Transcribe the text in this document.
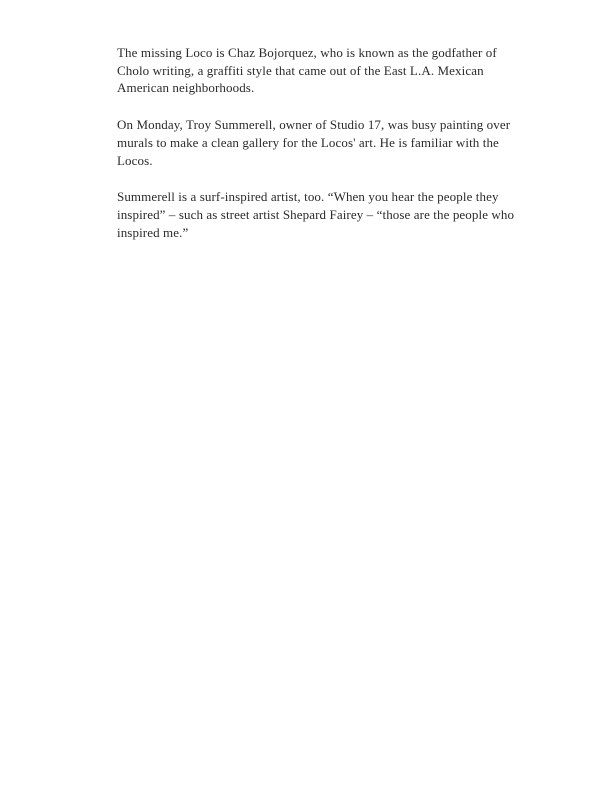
The missing Loco is Chaz Bojorquez, who is known as the godfather of
Cholo writing, a graffiti style that came out of the East L.A. Mexican
American neighborhoods.
On Monday, Troy Summerell, owner of Studio 17, was busy painting over
murals to make a clean gallery for the Locos' art. He is familiar with the
Locos.
Summerell is a surf-inspired artist, too. “When you hear the people they
inspired” – such as street artist Shepard Fairey – “those are the people who
inspired me.”
